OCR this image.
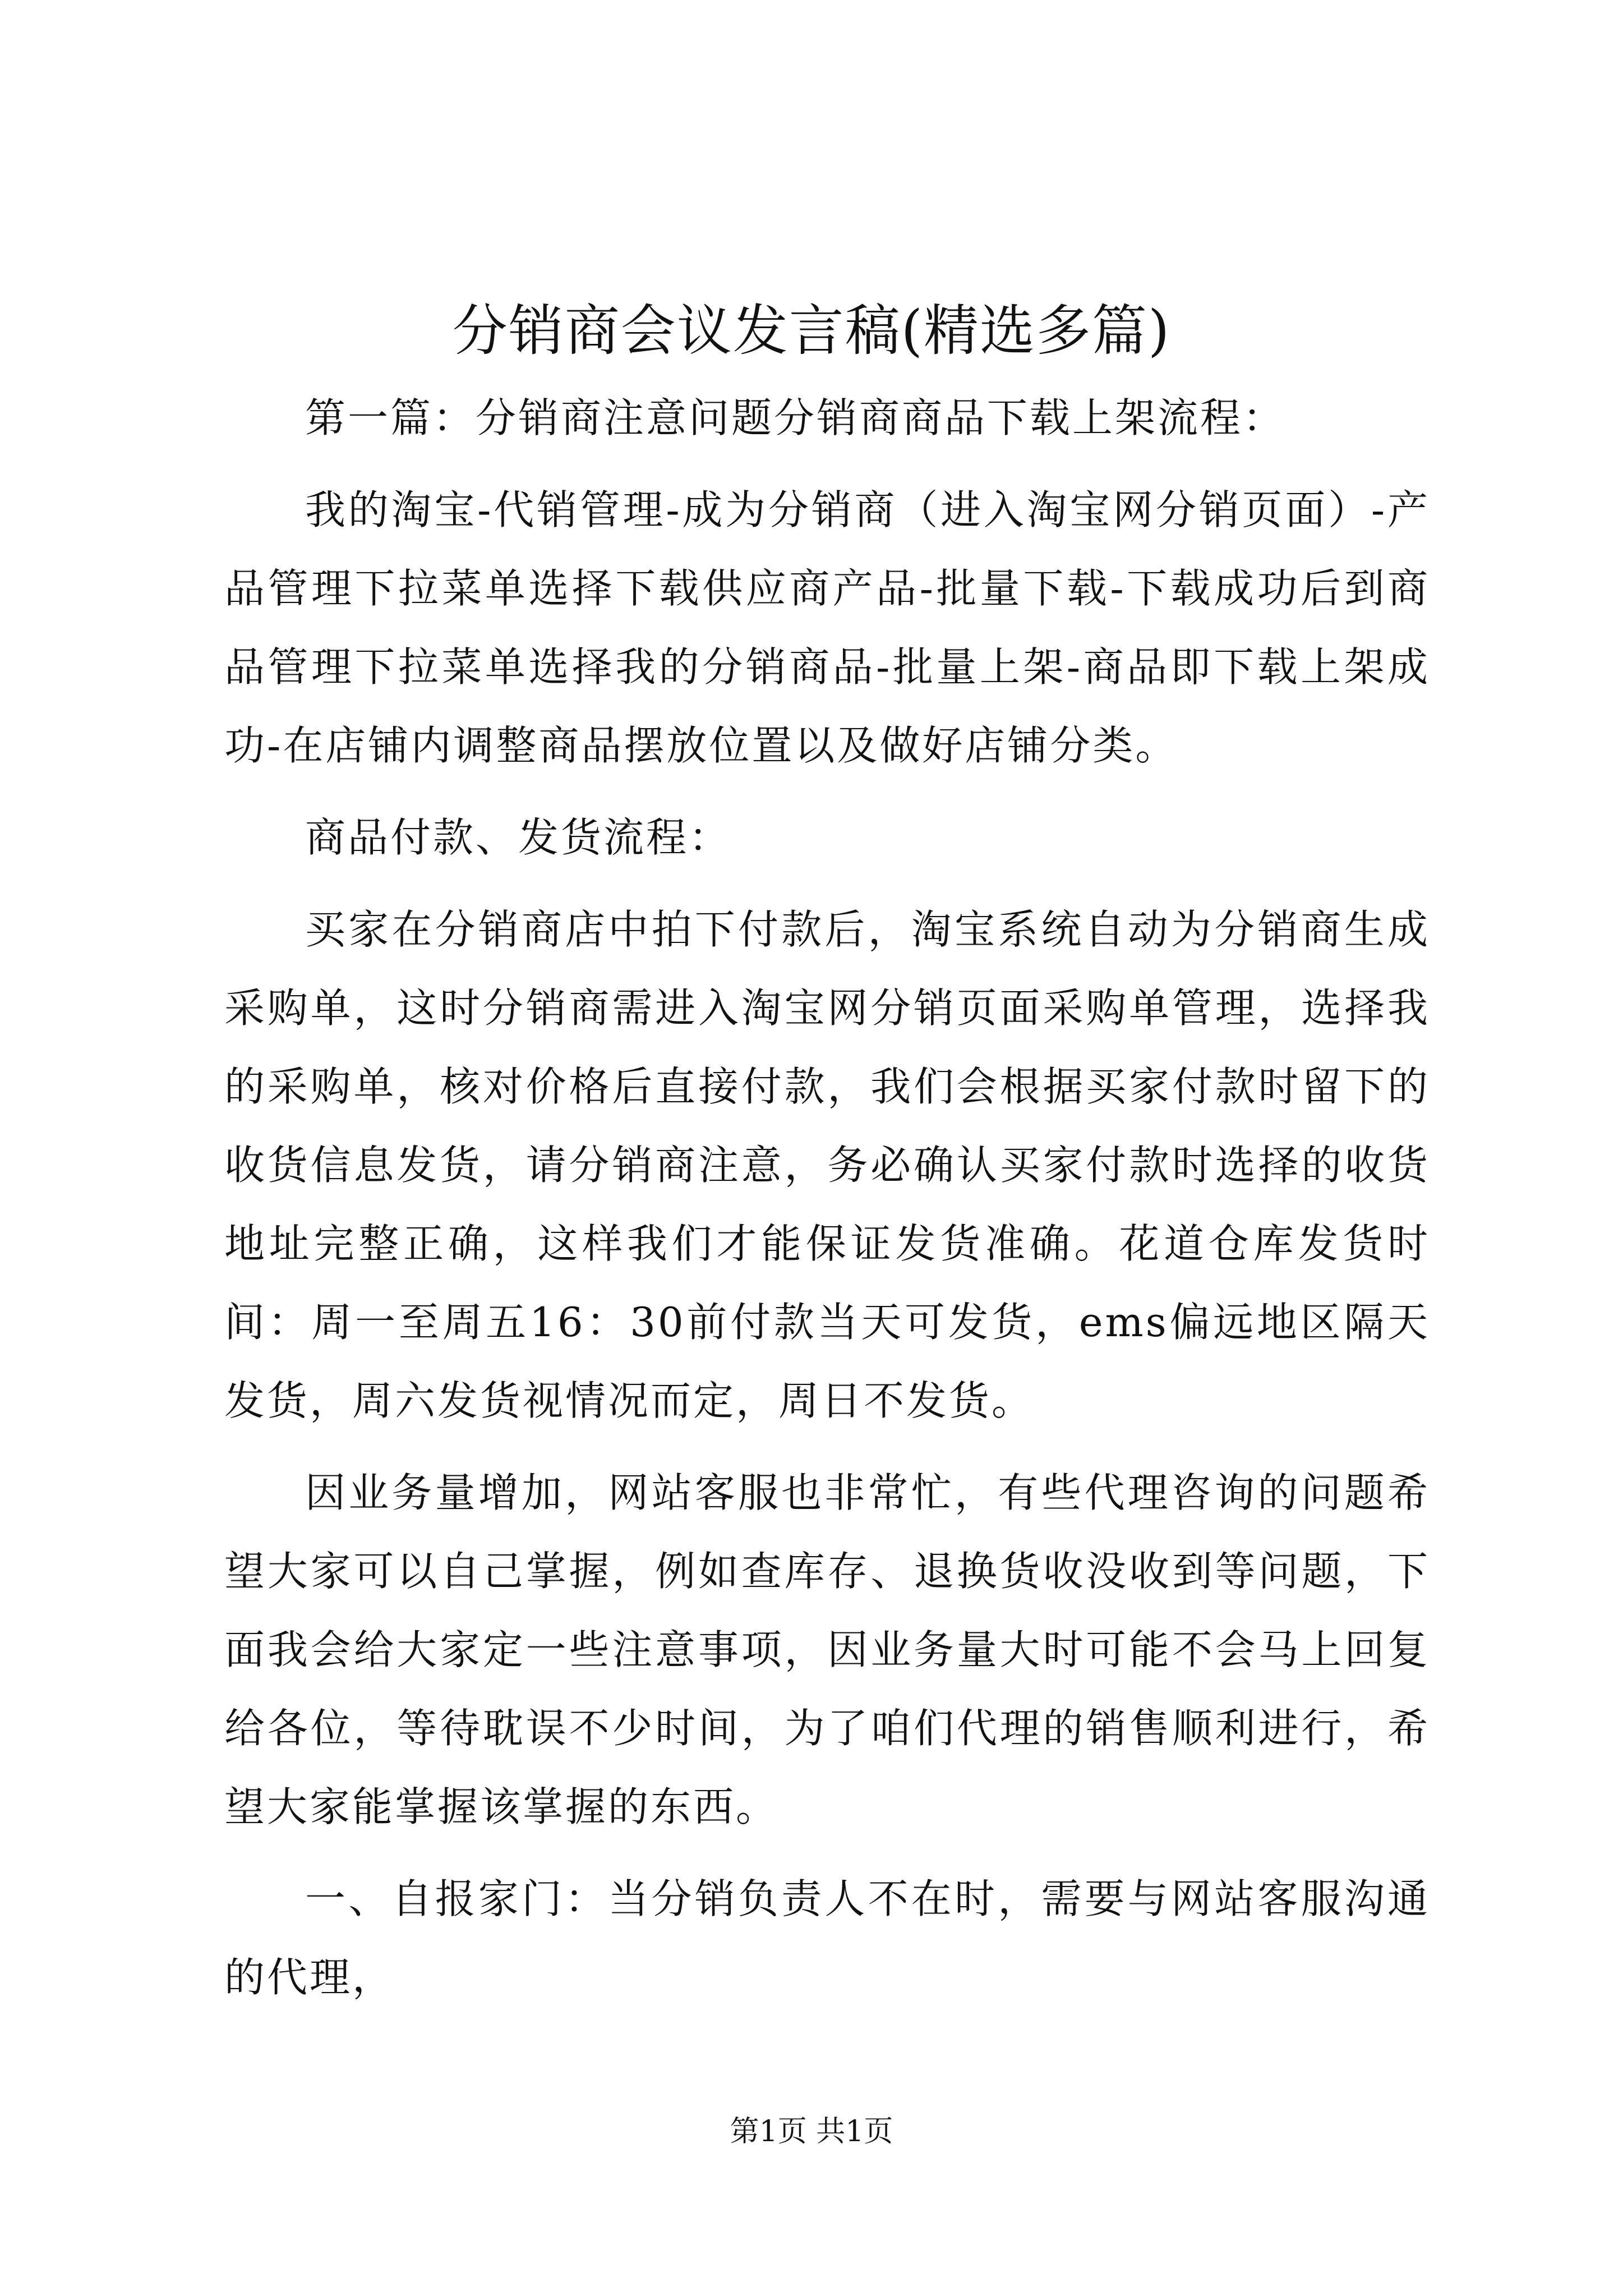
分销商会议发言稿(精选多篇)

第一篇：分销商注意问题分销商商品下载上架流程：

我的淘宝-代销管理-成为分销商（进入淘宝网分销页面）-产品管理下拉菜单选择下载供应商产品-批量下载-下载成功后到商品管理下拉菜单选择我的分销商品-批量上架-商品即下载上架成功-在店铺内调整商品摆放位置以及做好店铺分类。

商品付款、发货流程：

买家在分销商店中拍下付款后，淘宝系统自动为分销商生成采购单，这时分销商需进入淘宝网分销页面采购单管理，选择我的采购单，核对价格后直接付款，我们会根据买家付款时留下的收货信息发货，请分销商注意，务必确认买家付款时选择的收货地址完整正确，这样我们才能保证发货准确。花道仓库发货时间：周一至周五16：30前付款当天可发货，ems偏远地区隔天发货，周六发货视情况而定，周日不发货。

因业务量增加，网站客服也非常忙，有些代理咨询的问题希望大家可以自己掌握，例如查库存、退换货收没收到等问题，下面我会给大家定一些注意事项，因业务量大时可能不会马上回复给各位，等待耽误不少时间，为了咱们代理的销售顺利进行，希望大家能掌握该掌握的东西。

一、自报家门：当分销负责人不在时，需要与网站客服沟通的代理，

第1页 共1页
